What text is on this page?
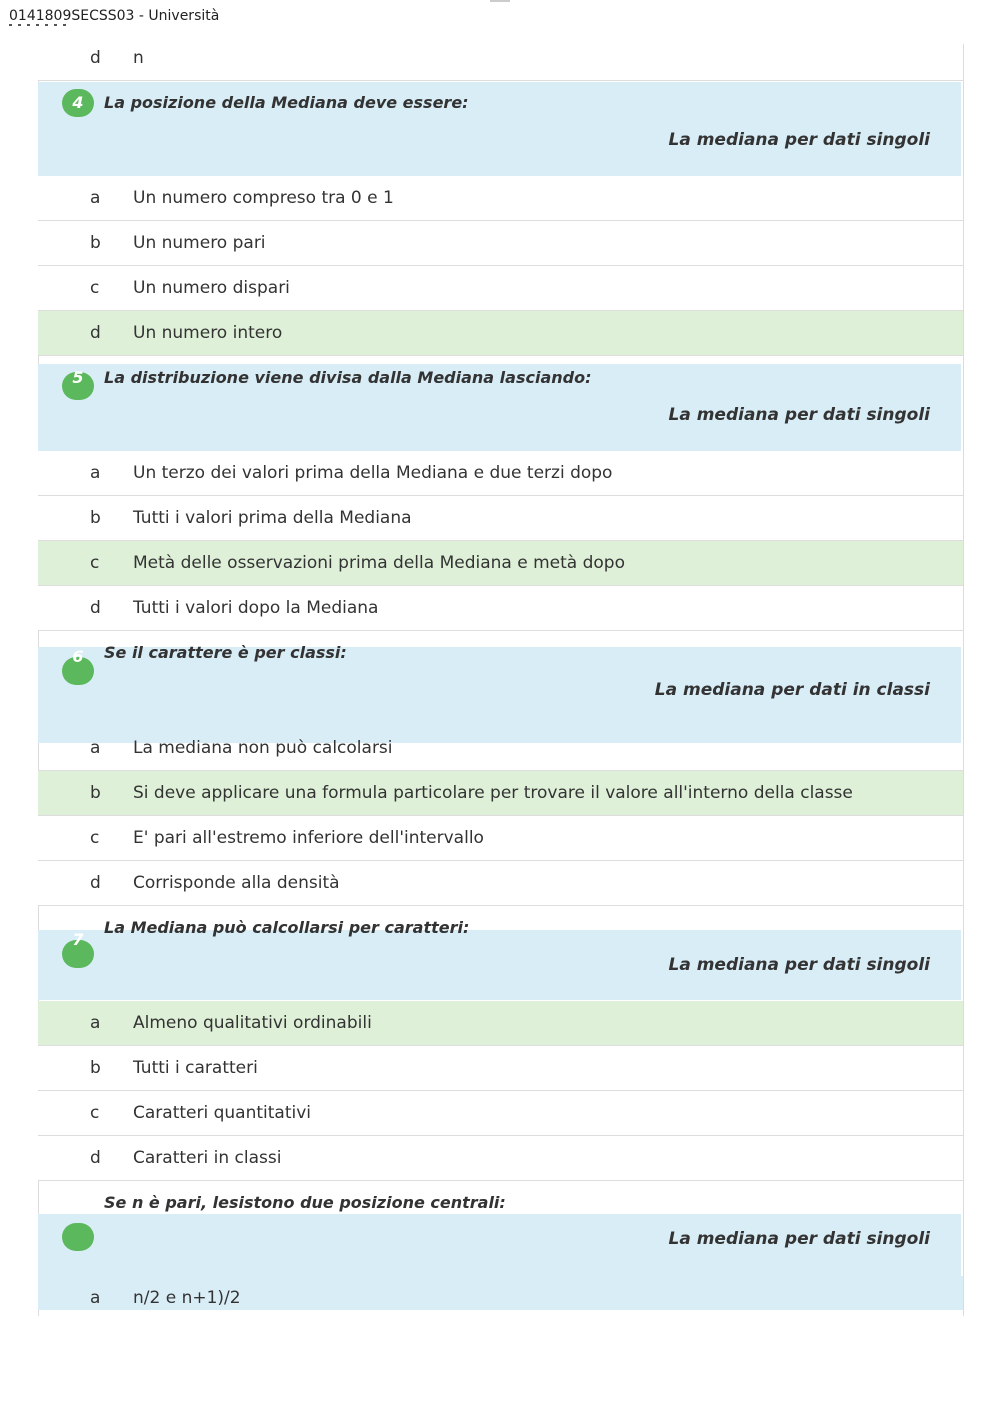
0141809SECSS03 - Università
d n
4	La posizione della Mediana deve essere:
La mediana per dati singoli
a Un numero compreso tra 0 e 1
b Un numero pari
c Un numero dispari
d Un numero intero
5	La distribuzione viene divisa dalla Mediana lasciando:
La mediana per dati singoli
a Un terzo dei valori prima della Mediana e due terzi dopo
b Tutti i valori prima della Mediana
c Metà delle osservazioni prima della Mediana e metà dopo
d Tutti i valori dopo la Mediana
6	Se il carattere è per classi:
La mediana per dati in classi
a La mediana non può calcolarsi
b Si deve applicare una formula particolare per trovare il valore all'interno della classe
c E' pari all'estremo inferiore dell'intervallo
d Corrisponde alla densità
7
La Mediana può calcollarsi per caratteri:
La mediana per dati singoli
a Almeno qualitativi ordinabili
b Tutti i caratteri
c Caratteri quantitativi
d Caratteri in classi
8
Se n è pari, lesistono due posizione centrali:
La mediana per dati singoli
a n/2 e n+1)/2
